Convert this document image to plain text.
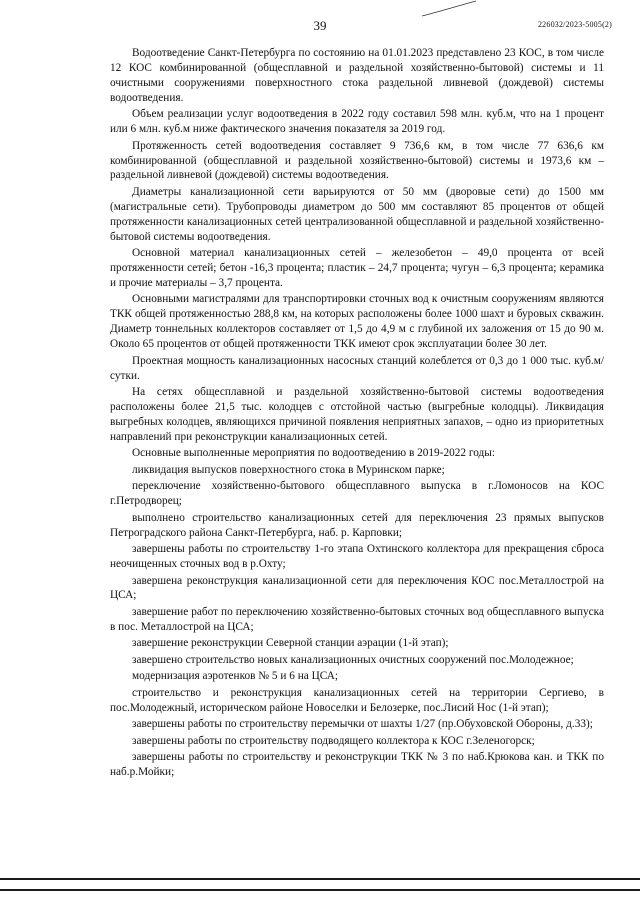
39	226032/2023-5005(2)

Водоотведение Санкт-Петербурга по состоянию на 01.01.2023 представлено 23 КОС, в том числе 12 КОС комбинированной (общесплавной и раздельной хозяйственно-бытовой) системы и 11 очистными сооружениями поверхностного стока раздельной ливневой (дождевой) системы водоотведения.

Объем реализации услуг водоотведения в 2022 году составил 598 млн. куб.м, что на 1 процент или 6 млн. куб.м ниже фактического значения показателя за 2019 год.

Протяженность сетей водоотведения составляет 9 736,6 км, в том числе 77 636,6 км комбинированной (общесплавной и раздельной хозяйственно-бытовой) системы и 1973,6 км – раздельной ливневой (дождевой) системы водоотведения.

Диаметры канализационной сети варьируются от 50 мм (дворовые сети) до 1500 мм (магистральные сети). Трубопроводы диаметром до 500 мм составляют 85 процентов от общей протяженности канализационных сетей централизованной общесплавной и раздельной хозяйственно-бытовой системы водоотведения.

Основной материал канализационных сетей – железобетон – 49,0 процента от всей протяженности сетей; бетон -16,3 процента; пластик – 24,7 процента; чугун – 6,3 процента; керамика и прочие материалы – 3,7 процента.

Основными магистралями для транспортировки сточных вод к очистным сооружениям являются ТКК общей протяженностью 288,8 км, на которых расположены более 1000 шахт и буровых скважин. Диаметр тоннельных коллекторов составляет от 1,5 до 4,9 м с глубиной их заложения от 15 до 90 м. Около 65 процентов от общей протяженности ТКК имеют срок эксплуатации более 30 лет.

Проектная мощность канализационных насосных станций колеблется от 0,3 до 1 000 тыс. куб.м/сутки.

На сетях общесплавной и раздельной хозяйственно-бытовой системы водоотведения расположены более 21,5 тыс. колодцев с отстойной частью (выгребные колодцы). Ликвидация выгребных колодцев, являющихся причиной появления неприятных запахов, – одно из приоритетных направлений при реконструкции канализационных сетей.

Основные выполненные мероприятия по водоотведению в 2019-2022 годы:

ликвидация выпусков поверхностного стока в Муринском парке;

переключение хозяйственно-бытового общесплавного выпуска в г.Ломоносов на КОС г.Петродворец;

выполнено строительство канализационных сетей для переключения 23 прямых выпусков Петроградского района Санкт-Петербурга, наб. р. Карповки;

завершены работы по строительству 1-го этапа Охтинского коллектора для прекращения сброса неочищенных сточных вод в р.Охту;

завершена реконструкция канализационной сети для переключения КОС пос.Металлострой на ЦСА;

завершение работ по переключению хозяйственно-бытовых сточных вод общесплавного выпуска в пос. Металлострой на ЦСА;

завершение реконструкции Северной станции аэрации (1-й этап);

завершено строительство новых канализационных очистных сооружений пос.Молодежное;

модернизация аэротенков № 5 и 6 на ЦСА;

строительство и реконструкция канализационных сетей на территории Сергиево, в пос.Молодежный, историческом районе Новоселки и Белозерке, пос.Лисий Нос (1-й этап);

завершены работы по строительству перемычки от шахты 1/27 (пр.Обуховской Обороны, д.33);

завершены работы по строительству подводящего коллектора к КОС г.Зеленогорск;

завершены работы по строительству и реконструкции ТКК № 3 по наб.Крюкова кан. и ТКК по наб.р.Мойки;
